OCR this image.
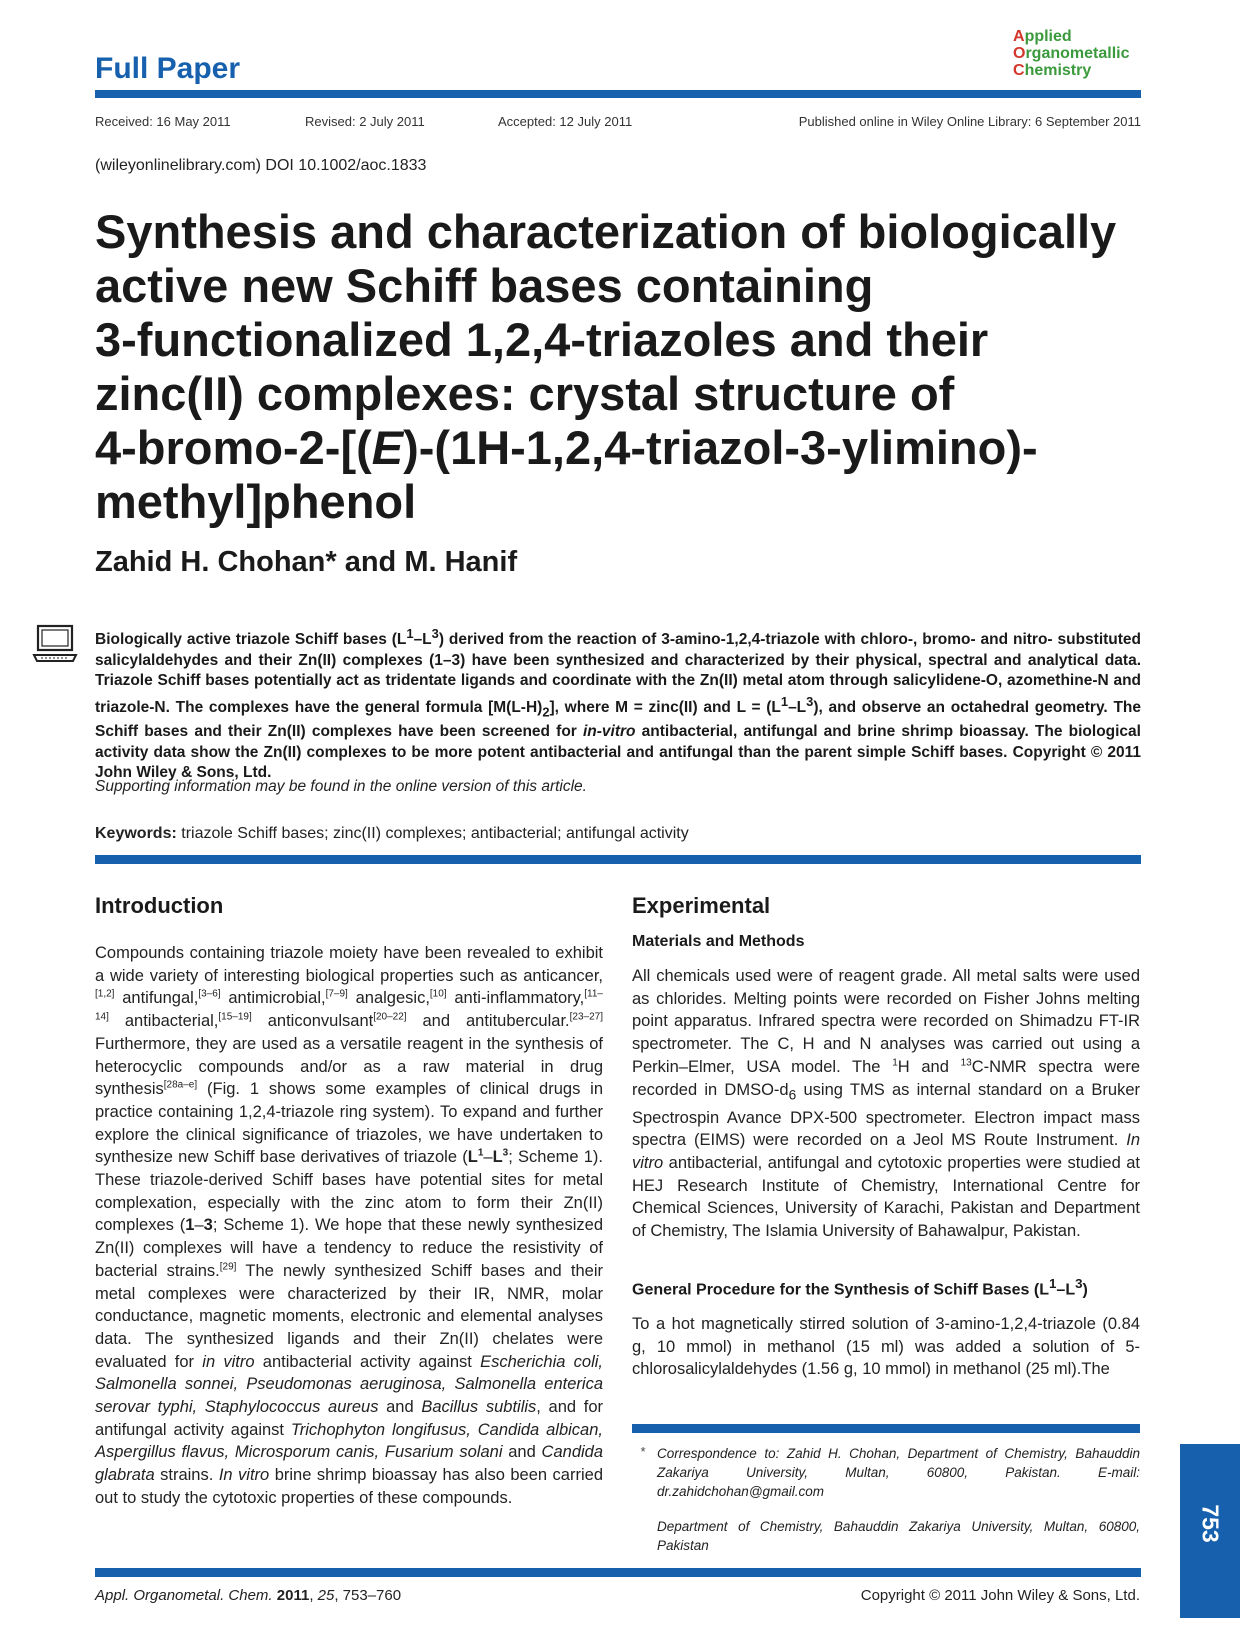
Full Paper
Applied
Organometallic
Chemistry
Received: 16 May 2011	Revised: 2 July 2011	Accepted: 12 July 2011	Published online in Wiley Online Library: 6 September 2011
(wileyonlinelibrary.com) DOI 10.1002/aoc.1833
Synthesis and characterization of biologically
active new Schiff bases containing
3-functionalized 1,2,4-triazoles and their
zinc(II) complexes: crystal structure of
4-bromo-2-[(E)-(1H-1,2,4-triazol-3-ylimino)-
methyl]phenol
Zahid H. Chohan* and M. Hanif
Biologically active triazole Schiff bases $(L^1-L^3)$ derived from the reaction of 3-amino-1,2,4-triazole with chloro-, bromo- and nitro- substituted salicylaldehydes and their Zn(II) complexes (1–3) have been synthesized and characterized by their physical, spectral and analytical data. Triazole Schiff bases potentially act as tridentate ligands and coordinate with the Zn(II) metal atom through salicylidene-O, azomethine-N and triazole-N. The complexes have the general formula $[M(L-H)_2]$, where M = zinc(II) and $L = (L^1-L^3)$, and observe an octahedral geometry. The Schiff bases and their Zn(II) complexes have been screened for in-vitro antibacterial, antifungal and brine shrimp bioassay. The biological activity data show the Zn(II) complexes to be more potent antibacterial and antifungal than the parent simple Schiff bases. Copyright © 2011 John Wiley & Sons, Ltd.
Supporting information may be found in the online version of this article.
Keywords: triazole Schiff bases; zinc(II) complexes; antibacterial; antifungal activity
Introduction

Compounds containing triazole moiety have been revealed to exhibit a wide variety of interesting biological properties such as anticancer,[1,2] antifungal,[3–6] antimicrobial,[7–9] analgesic,[10] anti-inflammatory,[11–14] antibacterial,[15–19] anticonvulsant[20–22] and antitubercular.[23–27] Furthermore, they are used as a versatile reagent in the synthesis of heterocyclic compounds and/or as a raw material in drug synthesis[28a–e] (Fig. 1 shows some examples of clinical drugs in practice containing 1,2,4-triazole ring system). To expand and further explore the clinical significance of triazoles, we have undertaken to synthesize new Schiff base derivatives of triazole ($L^1-L^3$; Scheme 1). These triazole-derived Schiff bases have potential sites for metal complexation, especially with the zinc atom to form their Zn(II) complexes (1–3; Scheme 1). We hope that these newly synthesized Zn(II) complexes will have a tendency to reduce the resistivity of bacterial strains.[29] The newly synthesized Schiff bases and their metal complexes were characterized by their IR, NMR, molar conductance, magnetic moments, electronic and elemental analyses data. The synthesized ligands and their Zn(II) chelates were evaluated for in vitro antibacterial activity against Escherichia coli, Salmonella sonnei, Pseudomonas aeruginosa, Salmonella enterica serovar typhi, Staphylococcus aureus and Bacillus subtilis, and for antifungal activity against Trichophyton longifusus, Candida albican, Aspergillus flavus, Microsporum canis, Fusarium solani and Candida glabrata strains. In vitro brine shrimp bioassay has also been carried out to study the cytotoxic properties of these compounds.

Experimental
Materials and Methods

All chemicals used were of reagent grade. All metal salts were used as chlorides. Melting points were recorded on Fisher Johns melting point apparatus. Infrared spectra were recorded on Shimadzu FT-IR spectrometer. The C, H and N analyses was carried out using a Perkin–Elmer, USA model. The $^1$H and $^{13}$C-NMR spectra were recorded in DMSO-$d_6$ using TMS as internal standard on a Bruker Spectrospin Avance DPX-500 spectrometer. Electron impact mass spectra (EIMS) were recorded on a Jeol MS Route Instrument. In vitro antibacterial, antifungal and cytotoxic properties were studied at HEJ Research Institute of Chemistry, International Centre for Chemical Sciences, University of Karachi, Pakistan and Department of Chemistry, The Islamia University of Bahawalpur, Pakistan.

General Procedure for the Synthesis of Schiff Bases $(L^1-L^3)$

To a hot magnetically stirred solution of 3-amino-1,2,4-triazole (0.84 g, 10 mmol) in methanol (15 ml) was added a solution of 5-chlorosalicylaldehydes (1.56 g, 10 mmol) in methanol (25 ml).The

* Correspondence to: Zahid H. Chohan, Department of Chemistry, Bahauddin Zakariya University, Multan, 60800, Pakistan. E-mail: dr.zahidchohan@gmail.com

Department of Chemistry, Bahauddin Zakariya University, Multan, 60800, Pakistan

753
Appl. Organometal. Chem. 2011, 25, 753–760	Copyright © 2011 John Wiley & Sons, Ltd.
